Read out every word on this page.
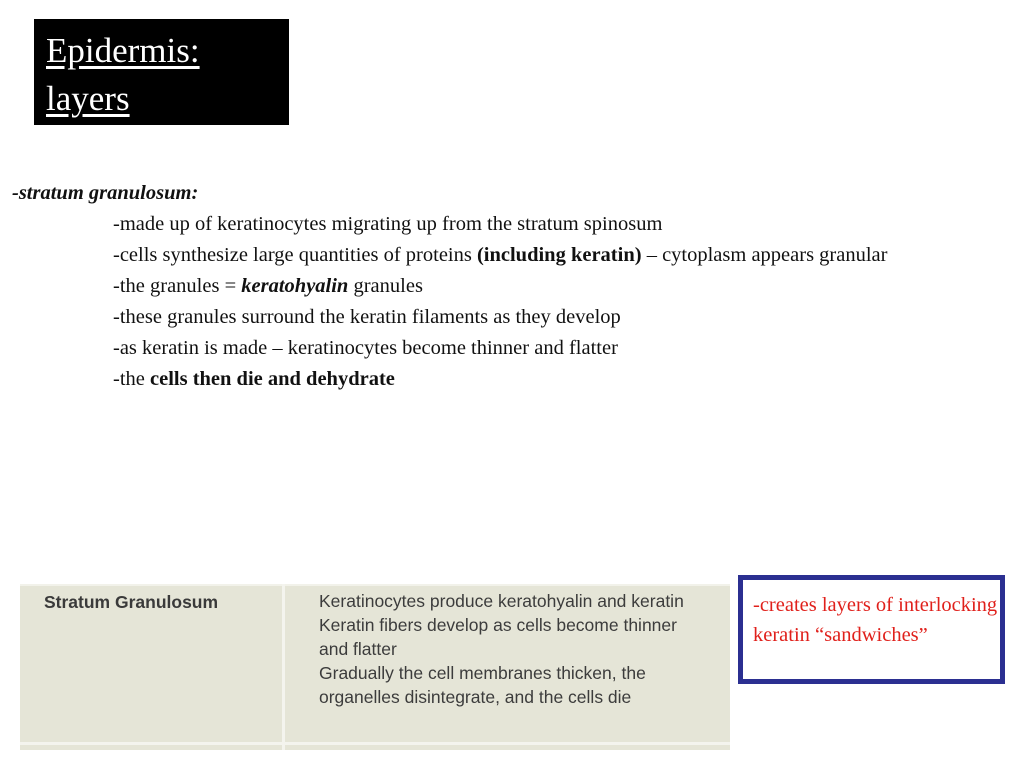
Epidermis:
layers
-stratum granulosum:
-made up of keratinocytes migrating up from the stratum spinosum
-cells synthesize large quantities of proteins (including keratin) – cytoplasm appears granular
-the granules = keratohyalin granules
-these granules surround the keratin filaments as they develop
-as keratin is made – keratinocytes become thinner and flatter
-the cells then die and dehydrate
Stratum Granulosum	Keratinocytes produce keratohyalin and keratin
Keratin fibers develop as cells become thinner and flatter
Gradually the cell membranes thicken, the organelles disintegrate, and the cells die
-creates layers of interlocking keratin “sandwiches”
